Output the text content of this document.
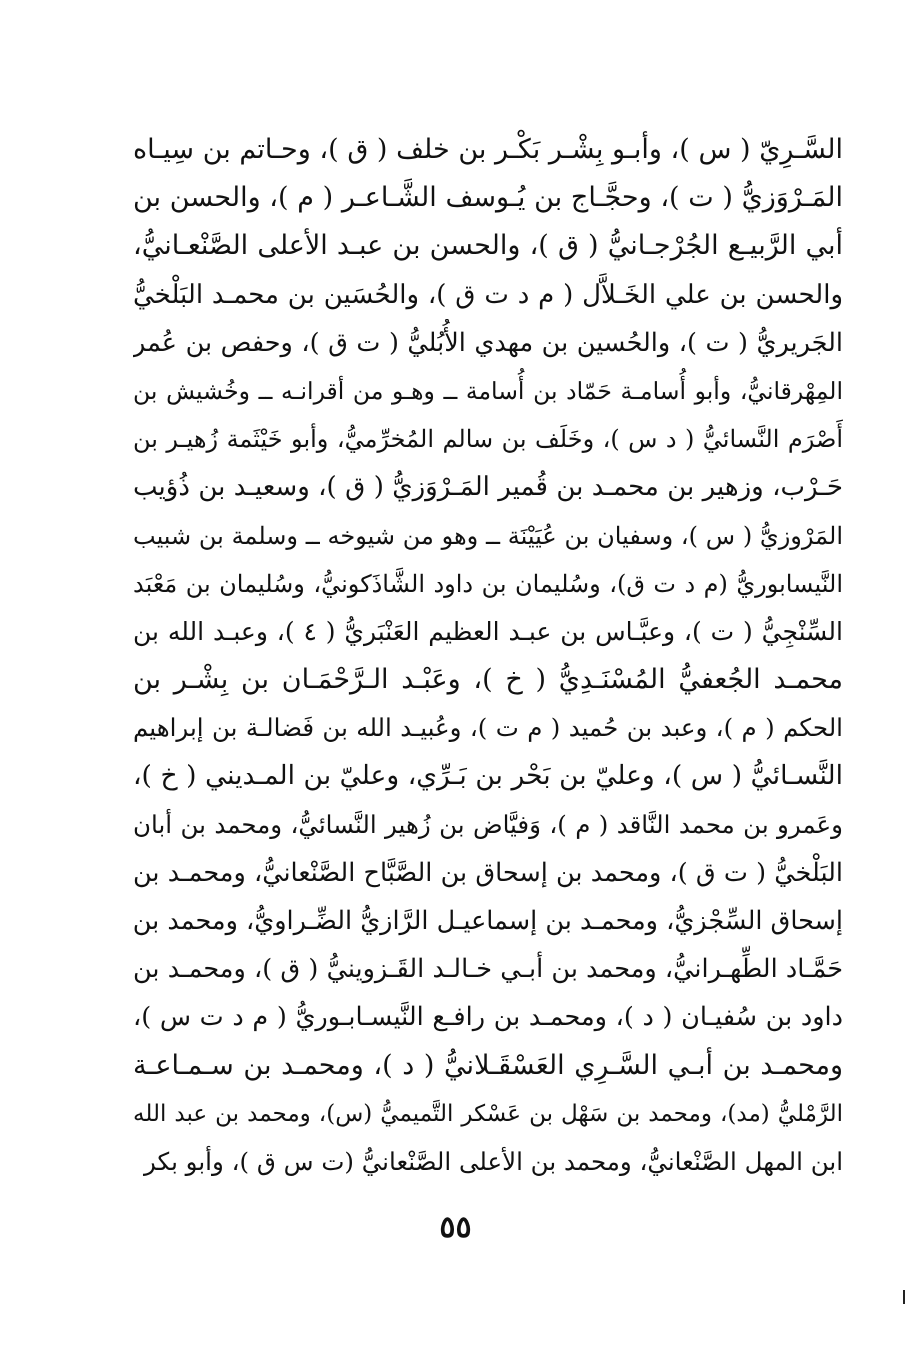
السَّـرِيّ ( س )، وأبـو بِشْـر بَكْـر بن خلف ( ق )، وحـاتم بن سِيـاه
المَـرْوَزيُّ ( ت )، وحجَّـاج بن يُـوسف الشَّـاعـر ( م )، والحسن بن
أبي الرَّبيـع الجُرْجـانيُّ ( ق )، والحسن بن عبـد الأعلى الصَّنْعـانيُّ،
والحسن بن علي الخَـلاَّل ( م د ت ق )، والحُسَين بن محمـد البَلْخيُّ
الجَريريُّ ( ت )، والحُسين بن مهدي الأُبُليُّ ( ت ق )، وحفص بن عُمر
المِهْرقانيُّ، وأبو أُسامـة حَمّاد بن أُسامة ــ وهـو من أقرانـه ــ وخُشيش بن
أَصْرَم النَّسائيُّ ( د س )، وخَلَف بن سالم المُخرِّميُّ، وأبو خَيْثَمة زُهيـر بن
حَـرْب، وزهير بن محمـد بن قُمير المَـرْوَزيُّ ( ق )، وسعيـد بن ذُؤيب
المَرْوزيُّ ( س )، وسفيان بن عُيَيْنَة ــ وهو من شيوخه ــ وسلمة بن شبيب
النَّيسابوريُّ (م د ت ق)، وسُليمان بن داود الشَّاذَكونيُّ، وسُليمان بن مَعْبَد
السِّنْجِيُّ ( ت )، وعبَّـاس بن عبـد العظيم العَنْبَريُّ ( ٤ )، وعبـد الله بن
محمـد الجُعفيُّ المُسْنَـدِيُّ ( خ )، وعَبْـد الـرَّحْمَـان بن بِشْـر بن
الحكم ( م )، وعبد بن حُميد ( م ت )، وعُبيـد الله بن فَضالـة بن إبراهيم
النَّسـائيُّ ( س )، وعليّ بن بَحْر بن بَـرِّي، وعليّ بن المـديني ( خ )،
وعَمرو بن محمد النَّاقد ( م )، وَفيَّاض بن زُهير النَّسائيُّ، ومحمد بن أبان
البَلْخيُّ ( ت ق )، ومحمد بن إسحاق بن الصَّبَّاح الصَّنْعانيُّ، ومحمـد بن
إسحاق السِّجْزيُّ، ومحمـد بن إسماعيـل الرَّازيُّ الضِّـراويُّ، ومحمد بن
حَمَّـاد الطِّهـرانيُّ، ومحمد بن أبـي خـالـد القَـزوينيُّ ( ق )، ومحمـد بن
داود بن سُفيـان ( د )، ومحمـد بن رافـع النَّيسـابـوريُّ ( م د ت س )،
ومحمـد بن أبـي السَّـرِي العَسْقَـلانيُّ ( د )، ومحمـد بن سـمـاعـة
الرَّمْليُّ (مد)، ومحمد بن سَهْل بن عَسْكر التَّميميُّ (س)، ومحمد بن عبد الله
ابن المهل الصَّنْعانيُّ، ومحمد بن الأعلى الصَّنْعانيُّ (ت س ق )، وأبو بكر
٥٥
